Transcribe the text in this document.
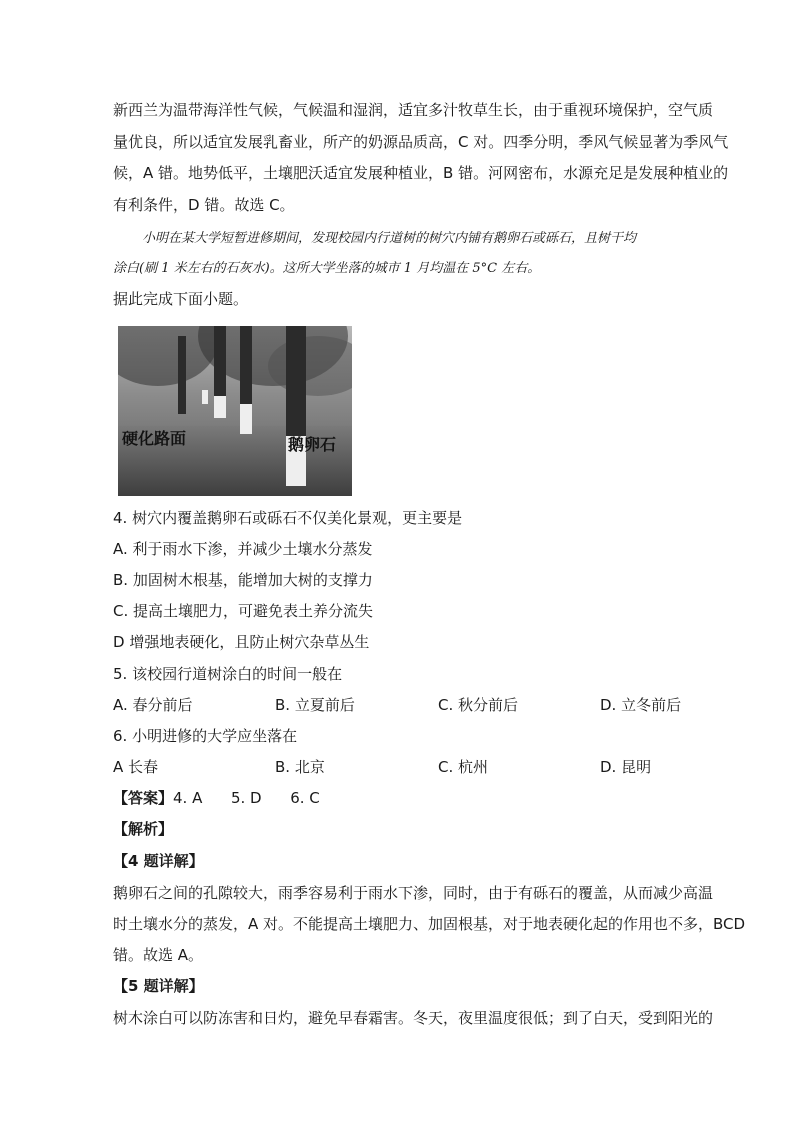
新西兰为温带海洋性气候，气候温和湿润，适宜多汁牧草生长，由于重视环境保护，空气质
量优良，所以适宜发展乳畜业，所产的奶源品质高，C 对。四季分明，季风气候显著为季风气
候，A 错。地势低平，土壤肥沃适宜发展种植业，B 错。河网密布，水源充足是发展种植业的
有利条件，D 错。故选 C。
小明在某大学短暂进修期间，发现校园内行道树的树穴内铺有鹅卵石或砾石，且树干均
涂白(刷 1 米左右的石灰水)。这所大学坐落的城市 1 月均温在 5°C 左右。
据此完成下面小题。
硬化路面	鹅卵石
4. 树穴内覆盖鹅卵石或砾石不仅美化景观，更主要是
A. 利于雨水下渗，并减少土壤水分蒸发
B. 加固树木根基，能增加大树的支撑力
C. 提高土壤肥力，可避免表土养分流失
D 增强地表硬化，且防止树穴杂草丛生
5. 该校园行道树涂白的时间一般在
A. 春分前后	B. 立夏前后	C. 秋分前后	D. 立冬前后
6. 小明进修的大学应坐落在
A 长春	B. 北京	C. 杭州	D. 昆明
【答案】4. A      5. D      6. C
【解析】
【4 题详解】
鹅卵石之间的孔隙较大，雨季容易利于雨水下渗，同时，由于有砾石的覆盖，从而减少高温
时土壤水分的蒸发，A 对。不能提高土壤肥力、加固根基，对于地表硬化起的作用也不多，BCD
错。故选 A。
【5 题详解】
树木涂白可以防冻害和日灼，避免早春霜害。冬天，夜里温度很低；到了白天，受到阳光的
